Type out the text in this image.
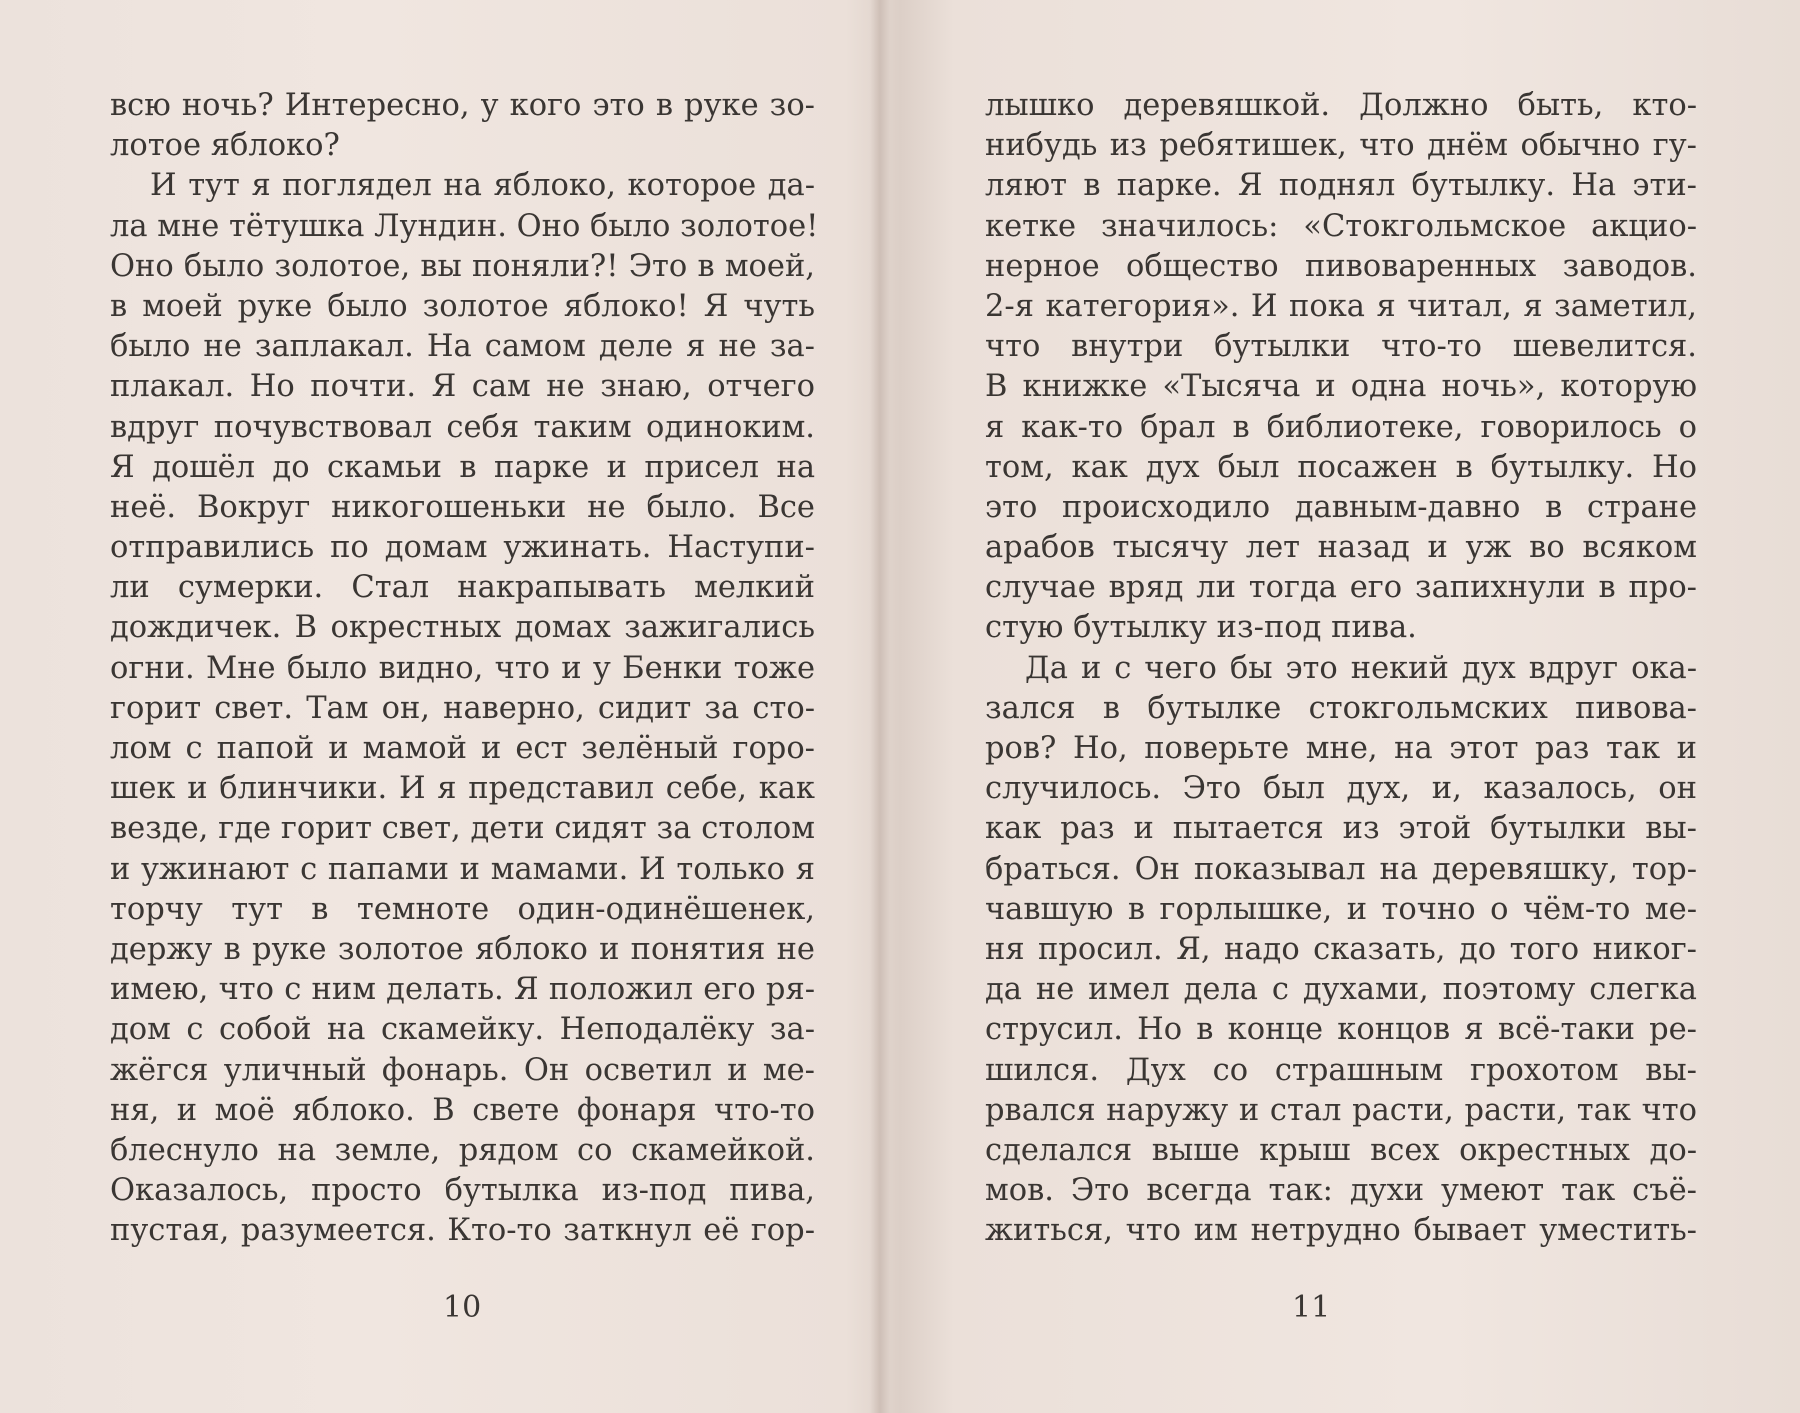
всю ночь? Интересно, у кого это в руке зо-
лотое яблоко?
И тут я поглядел на яблоко, которое да-
ла мне тётушка Лундин. Оно было золотое!
Оно было золотое, вы поняли?! Это в моей,
в моей руке было золотое яблоко! Я чуть
было не заплакал. На самом деле я не за-
плакал. Но почти. Я сам не знаю, отчего
вдруг почувствовал себя таким одиноким.
Я дошёл до скамьи в парке и присел на
неё. Вокруг никогошеньки не было. Все
отправились по домам ужинать. Наступи-
ли сумерки. Стал накрапывать мелкий
дождичек. В окрестных домах зажигались
огни. Мне было видно, что и у Бенки тоже
горит свет. Там он, наверно, сидит за сто-
лом с папой и мамой и ест зелёный горо-
шек и блинчики. И я представил себе, как
везде, где горит свет, дети сидят за столом
и ужинают с папами и мамами. И только я
торчу тут в темноте один-одинёшенек,
держу в руке золотое яблоко и понятия не
имею, что с ним делать. Я положил его ря-
дом с собой на скамейку. Неподалёку за-
жёгся уличный фонарь. Он осветил и ме-
ня, и моё яблоко. В свете фонаря что-то
блеснуло на земле, рядом со скамейкой.
Оказалось, просто бутылка из-под пива,
пустая, разумеется. Кто-то заткнул её гор-
10
лышко деревяшкой. Должно быть, кто-
нибудь из ребятишек, что днём обычно гу-
ляют в парке. Я поднял бутылку. На эти-
кетке значилось: «Стокгольмское акцио-
нерное общество пивоваренных заводов.
2-я категория». И пока я читал, я заметил,
что внутри бутылки что-то шевелится.
В книжке «Тысяча и одна ночь», которую
я как-то брал в библиотеке, говорилось о
том, как дух был посажен в бутылку. Но
это происходило давным-давно в стране
арабов тысячу лет назад и уж во всяком
случае вряд ли тогда его запихнули в про-
стую бутылку из-под пива.
Да и с чего бы это некий дух вдруг ока-
зался в бутылке стокгольмских пивова-
ров? Но, поверьте мне, на этот раз так и
случилось. Это был дух, и, казалось, он
как раз и пытается из этой бутылки вы-
браться. Он показывал на деревяшку, тор-
чавшую в горлышке, и точно о чём-то ме-
ня просил. Я, надо сказать, до того никог-
да не имел дела с духами, поэтому слегка
струсил. Но в конце концов я всё-таки ре-
шился. Дух со страшным грохотом вы-
рвался наружу и стал расти, расти, так что
сделался выше крыш всех окрестных до-
мов. Это всегда так: духи умеют так съё-
житься, что им нетрудно бывает уместить-
11
